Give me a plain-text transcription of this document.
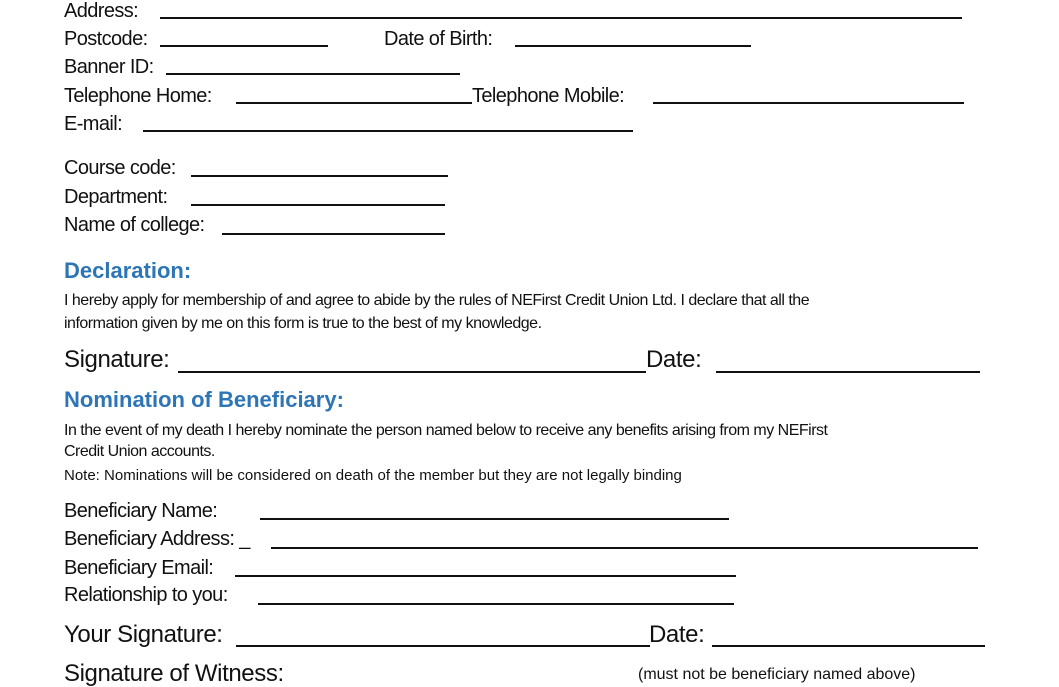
Address:
Postcode:	Date of Birth:
Banner ID:
Telephone Home:	Telephone Mobile:
E-mail:
Course code:
Department:
Name of college:
Declaration:
I hereby apply for membership of and agree to abide by the rules of NEFirst Credit Union Ltd. I declare that all the
information given by me on this form is true to the best of my knowledge.
Signature:	Date:
Nomination of Beneficiary:
In the event of my death I hereby nominate the person named below to receive any benefits arising from my NEFirst
Credit Union accounts.
Note: Nominations will be considered on death of the member but they are not legally binding
Beneficiary Name:
Beneficiary Address: _
Beneficiary Email:
Relationship to you:
Your Signature:	Date:
Signature of Witness:	(must not be beneficiary named above)
